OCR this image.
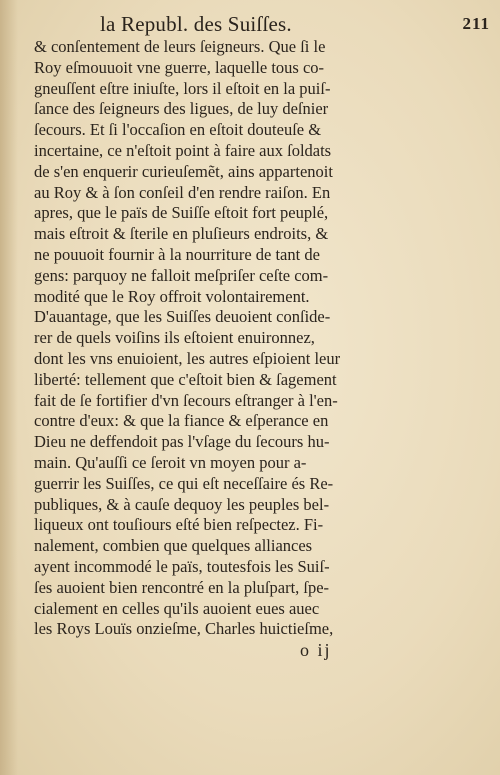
la Republ. des Suiſſes.	211
& conſentement de leurs ſeigneurs. Que ſi le
Roy eſmouuoit vne guerre, laquelle tous co-
gneuſſent eſtre iniuſte, lors il eſtoit en la puiſ-
ſance des ſeigneurs des ligues, de luy deſnier
ſecours. Et ſi l'occaſion en eſtoit douteuſe &
incertaine, ce n'eſtoit point à faire aux ſoldats
de s'en enquerir curieuſemẽt, ains appartenoit
au Roy & à ſon conſeil d'en rendre raiſon. En
apres, que le païs de Suiſſe eſtoit fort peuplé,
mais eſtroit & ſterile en pluſieurs endroits, &
ne pouuoit fournir à la nourriture de tant de
gens: parquoy ne falloit meſpriſer ceſte com-
modité que le Roy offroit volontairement.
D'auantage, que les Suiſſes deuoient conſide-
rer de quels voiſins ils eſtoient enuironnez,
dont les vns enuioient, les autres eſpioient leur
liberté: tellement que c'eſtoit bien & ſagement
fait de ſe fortifier d'vn ſecours eſtranger à l'en-
contre d'eux: & que la fiance & eſperance en
Dieu ne deffendoit pas l'vſage du ſecours hu-
main. Qu'auſſi ce ſeroit vn moyen pour a-
guerrir les Suiſſes, ce qui eſt neceſſaire és Re-
publiques, & à cauſe dequoy les peuples bel-
liqueux ont touſiours eſté bien reſpectez. Fi-
nalement, combien que quelques alliances
ayent incommodé le païs, toutesfois les Suiſ-
ſes auoient bien rencontré en la pluſpart, ſpe-
cialement en celles qu'ils auoient eues auec
les Roys Louïs onzieſme, Charles huictieſme,
o ij
